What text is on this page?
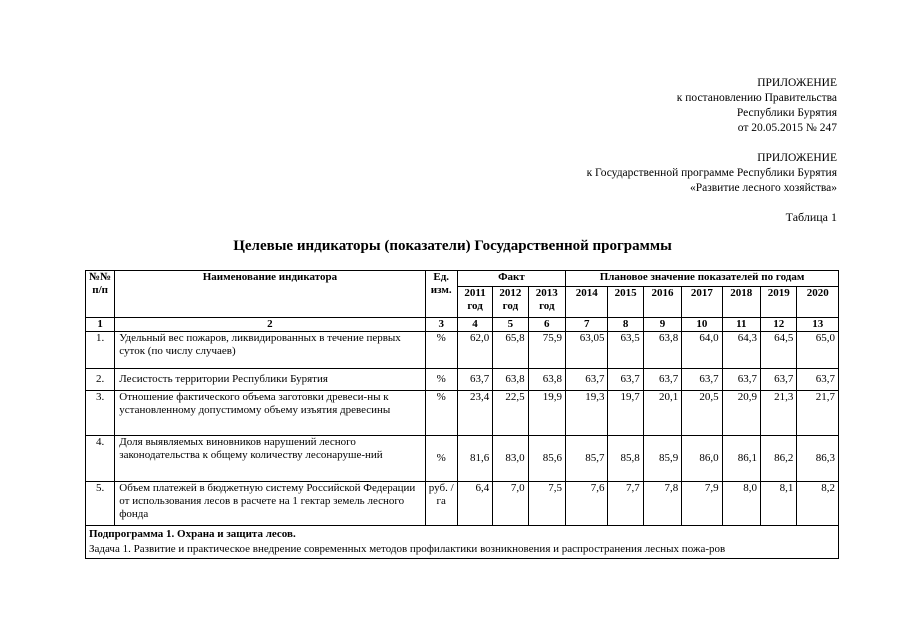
ПРИЛОЖЕНИЕ
к постановлению Правительства
Республики Бурятия
от 20.05.2015 № 247
ПРИЛОЖЕНИЕ
к Государственной программе Республики Бурятия
«Развитие лесного хозяйства»
Таблица 1
Целевые индикаторы (показатели) Государственной программы
№№ п/п	Наименование индикатора	Ед. изм.	Факт			Плановое значение показателей по годам						
			2011 год	2012 год	2013 год	2014	2015	2016	2017	2018	2019	2020
1	2	3	4	5	6	7	8	9	10	11	12	13
1.	Удельный вес пожаров, ликвидированных в течение первых суток (по числу случаев)	%	62,0	65,8	75,9	63,05	63,5	63,8	64,0	64,3	64,5	65,0
2.	Лесистость территории Республики Бурятия	%	63,7	63,8	63,8	63,7	63,7	63,7	63,7	63,7	63,7	63,7
3.	Отношение фактического объема заготовки древеси-ны к установленному допустимому объему изъятия древесины	%	23,4	22,5	19,9	19,3	19,7	20,1	20,5	20,9	21,3	21,7
4.	Доля выявляемых виновников нарушений лесного законодательства к общему количеству лесонаруше-ний	%	81,6	83,0	85,6	85,7	85,8	85,9	86,0	86,1	86,2	86,3
5.	Объем платежей в бюджетную систему Российской Федерации от использования лесов в расчете на 1 гектар земель лесного фонда	руб. /га	6,4	7,0	7,5	7,6	7,7	7,8	7,9	8,0	8,1	8,2

Подпрограмма 1. Охрана и защита лесов.
Задача 1. Развитие и практическое внедрение современных методов профилактики возникновения и распространения лесных пожа-ров												
